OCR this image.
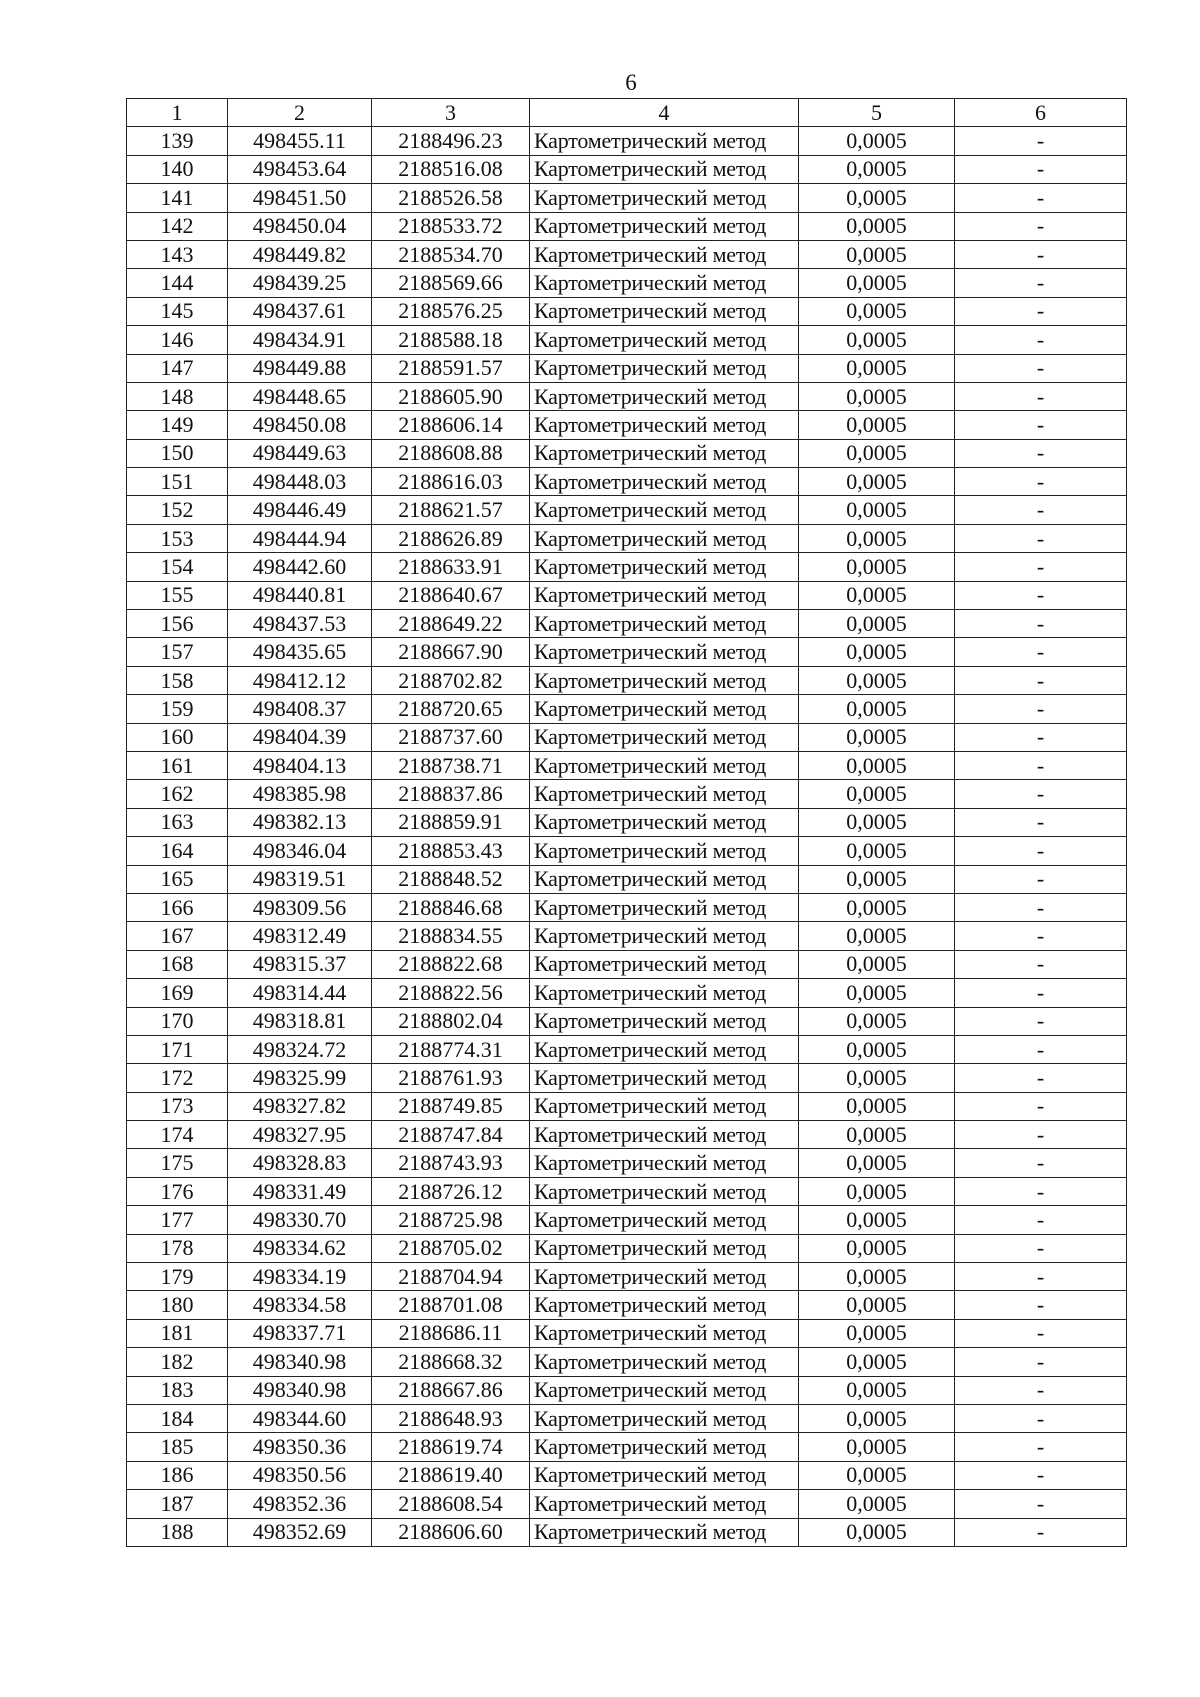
6
1	2	3	4	5	6
139	498455.11	2188496.23	Картометрический метод	0,0005	-
140	498453.64	2188516.08	Картометрический метод	0,0005	-
141	498451.50	2188526.58	Картометрический метод	0,0005	-
142	498450.04	2188533.72	Картометрический метод	0,0005	-
143	498449.82	2188534.70	Картометрический метод	0,0005	-
144	498439.25	2188569.66	Картометрический метод	0,0005	-
145	498437.61	2188576.25	Картометрический метод	0,0005	-
146	498434.91	2188588.18	Картометрический метод	0,0005	-
147	498449.88	2188591.57	Картометрический метод	0,0005	-
148	498448.65	2188605.90	Картометрический метод	0,0005	-
149	498450.08	2188606.14	Картометрический метод	0,0005	-
150	498449.63	2188608.88	Картометрический метод	0,0005	-
151	498448.03	2188616.03	Картометрический метод	0,0005	-
152	498446.49	2188621.57	Картометрический метод	0,0005	-
153	498444.94	2188626.89	Картометрический метод	0,0005	-
154	498442.60	2188633.91	Картометрический метод	0,0005	-
155	498440.81	2188640.67	Картометрический метод	0,0005	-
156	498437.53	2188649.22	Картометрический метод	0,0005	-
157	498435.65	2188667.90	Картометрический метод	0,0005	-
158	498412.12	2188702.82	Картометрический метод	0,0005	-
159	498408.37	2188720.65	Картометрический метод	0,0005	-
160	498404.39	2188737.60	Картометрический метод	0,0005	-
161	498404.13	2188738.71	Картометрический метод	0,0005	-
162	498385.98	2188837.86	Картометрический метод	0,0005	-
163	498382.13	2188859.91	Картометрический метод	0,0005	-
164	498346.04	2188853.43	Картометрический метод	0,0005	-
165	498319.51	2188848.52	Картометрический метод	0,0005	-
166	498309.56	2188846.68	Картометрический метод	0,0005	-
167	498312.49	2188834.55	Картометрический метод	0,0005	-
168	498315.37	2188822.68	Картометрический метод	0,0005	-
169	498314.44	2188822.56	Картометрический метод	0,0005	-
170	498318.81	2188802.04	Картометрический метод	0,0005	-
171	498324.72	2188774.31	Картометрический метод	0,0005	-
172	498325.99	2188761.93	Картометрический метод	0,0005	-
173	498327.82	2188749.85	Картометрический метод	0,0005	-
174	498327.95	2188747.84	Картометрический метод	0,0005	-
175	498328.83	2188743.93	Картометрический метод	0,0005	-
176	498331.49	2188726.12	Картометрический метод	0,0005	-
177	498330.70	2188725.98	Картометрический метод	0,0005	-
178	498334.62	2188705.02	Картометрический метод	0,0005	-
179	498334.19	2188704.94	Картометрический метод	0,0005	-
180	498334.58	2188701.08	Картометрический метод	0,0005	-
181	498337.71	2188686.11	Картометрический метод	0,0005	-
182	498340.98	2188668.32	Картометрический метод	0,0005	-
183	498340.98	2188667.86	Картометрический метод	0,0005	-
184	498344.60	2188648.93	Картометрический метод	0,0005	-
185	498350.36	2188619.74	Картометрический метод	0,0005	-
186	498350.56	2188619.40	Картометрический метод	0,0005	-
187	498352.36	2188608.54	Картометрический метод	0,0005	-
188	498352.69	2188606.60	Картометрический метод	0,0005	-
